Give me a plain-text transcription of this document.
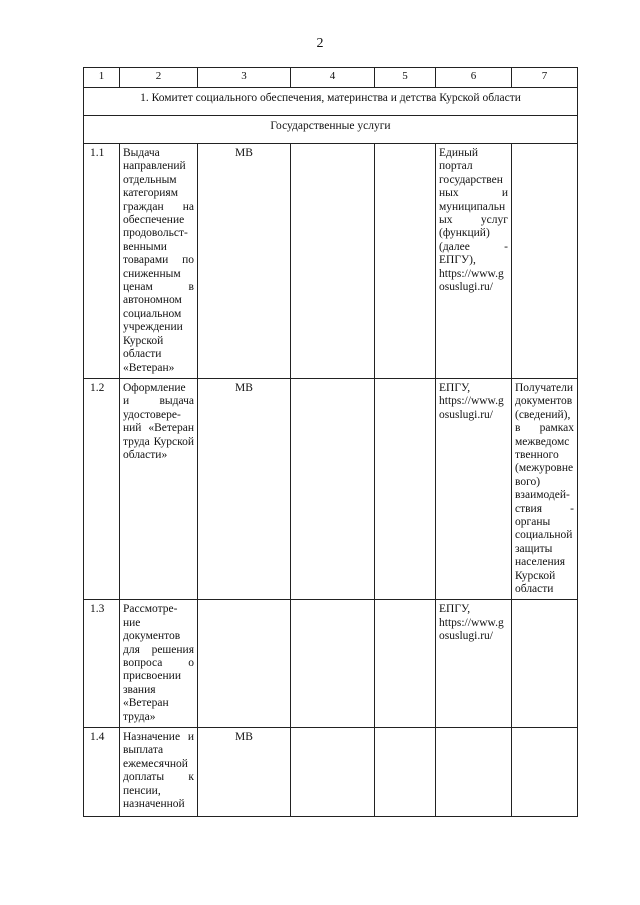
2
1	2	3	4	5	6	7
1. Комитет социального обеспечения, материнства и детства Курской области						
Государственные услуги						
1.1	Выдача направлений отдельным категориям граждан на обеспечение продовольст-венными товарами по сниженным ценам в автономном социальном учреждении Курской области «Ветеран»	МВ			Единый портал государственных и муниципальных услуг (функций) (далее - ЕПГУ), https://www.gosuslugi.ru/	
1.2	Оформление и выдача удостовере-ний «Ветеран труда Курской области»	МВ			ЕПГУ, https://www.gosuslugi.ru/	Получатели документов (сведений), в рамках межведомственного (межуровневого) взаимодей-ствия - органы социальной защиты населения Курской области
1.3	Рассмотре-ние документов для решения вопроса о присвоении звания «Ветеран труда»				ЕПГУ, https://www.gosuslugi.ru/	
1.4	Назначение и выплата ежемесячной доплаты к пенсии, назначенной	МВ				
